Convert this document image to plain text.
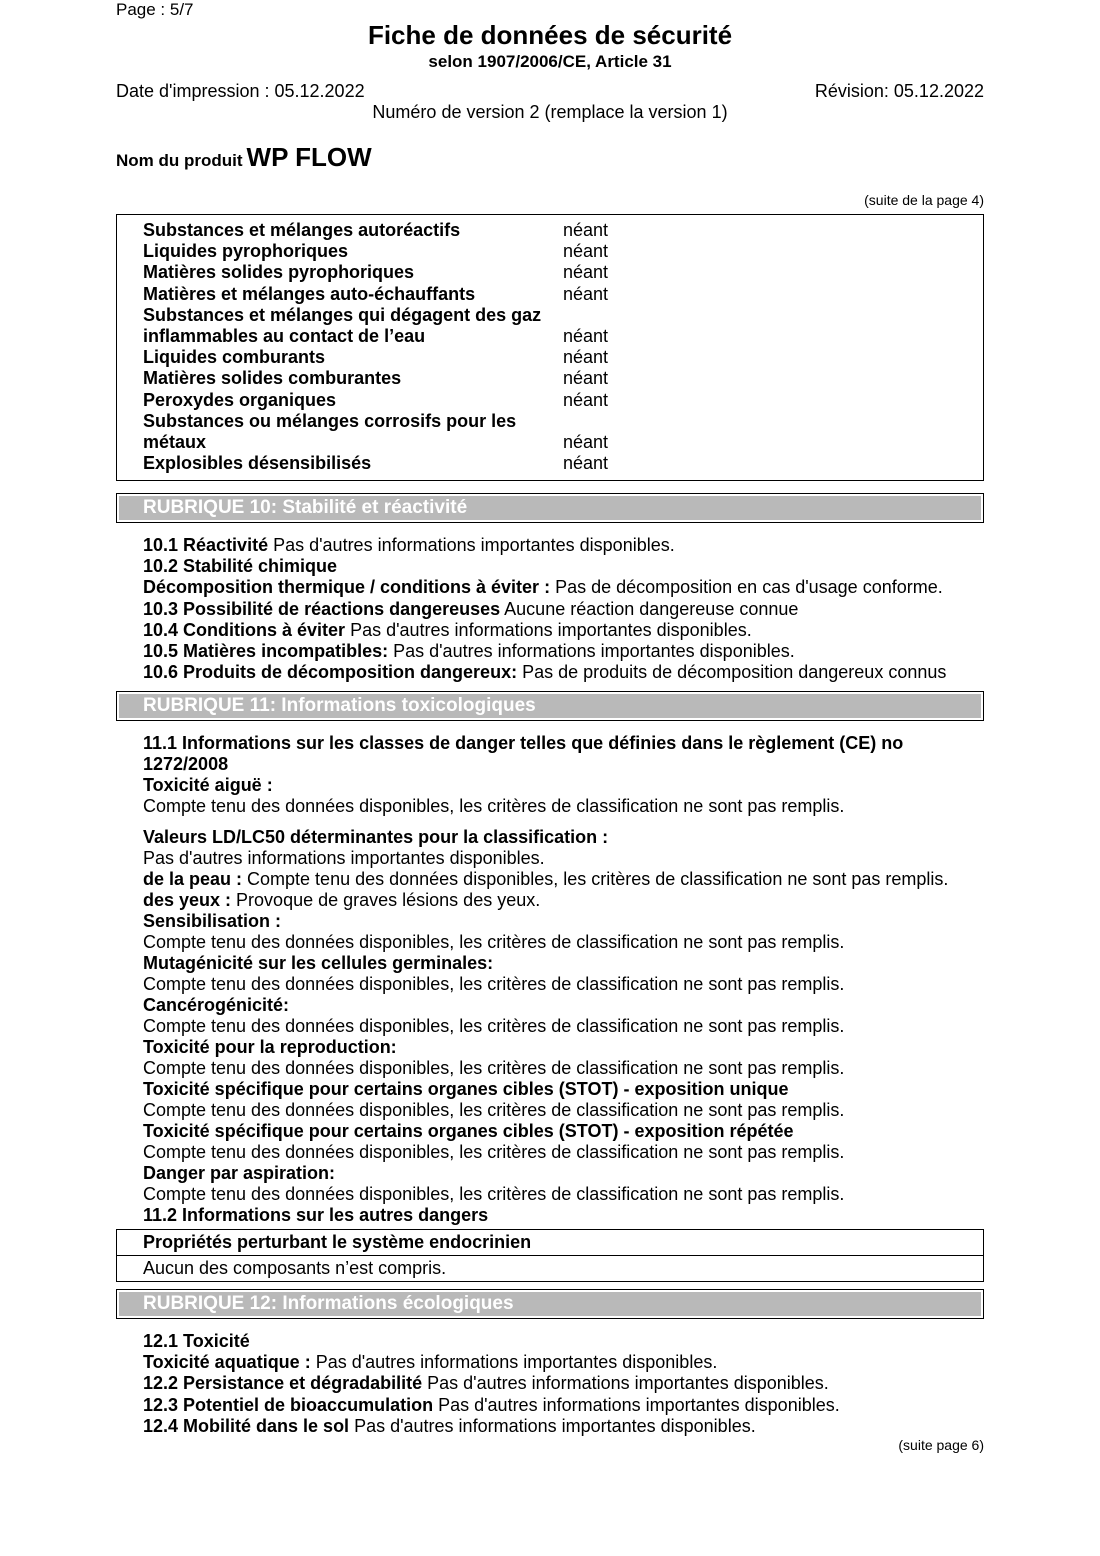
Page : 5/7
Fiche de données de sécurité
selon 1907/2006/CE, Article 31
Date d'impression : 05.12.2022	Révision: 05.12.2022
Numéro de version 2 (remplace la version 1)
Nom du produit WP FLOW
(suite de la page 4)
Substances et mélanges autoréactifs	néant
Liquides pyrophoriques	néant
Matières solides pyrophoriques	néant
Matières et mélanges auto-échauffants	néant
Substances et mélanges qui dégagent des gaz
inflammables au contact de l’eau	néant
Liquides comburants	néant
Matières solides comburantes	néant
Peroxydes organiques	néant
Substances ou mélanges corrosifs pour les
métaux	néant
Explosibles désensibilisés	néant
RUBRIQUE 10: Stabilité et réactivité
10.1 Réactivité Pas d'autres informations importantes disponibles.
10.2 Stabilité chimique
Décomposition thermique / conditions à éviter : Pas de décomposition en cas d'usage conforme.
10.3 Possibilité de réactions dangereuses Aucune réaction dangereuse connue
10.4 Conditions à éviter Pas d'autres informations importantes disponibles.
10.5 Matières incompatibles: Pas d'autres informations importantes disponibles.
10.6 Produits de décomposition dangereux: Pas de produits de décomposition dangereux connus
RUBRIQUE 11: Informations toxicologiques
11.1 Informations sur les classes de danger telles que définies dans le règlement (CE) no
1272/2008
Toxicité aiguë :
Compte tenu des données disponibles, les critères de classification ne sont pas remplis.
Valeurs LD/LC50 déterminantes pour la classification :
Pas d'autres informations importantes disponibles.
de la peau : Compte tenu des données disponibles, les critères de classification ne sont pas remplis.
des yeux : Provoque de graves lésions des yeux.
Sensibilisation :
Compte tenu des données disponibles, les critères de classification ne sont pas remplis.
Mutagénicité sur les cellules germinales:
Compte tenu des données disponibles, les critères de classification ne sont pas remplis.
Cancérogénicité:
Compte tenu des données disponibles, les critères de classification ne sont pas remplis.
Toxicité pour la reproduction:
Compte tenu des données disponibles, les critères de classification ne sont pas remplis.
Toxicité spécifique pour certains organes cibles (STOT) - exposition unique
Compte tenu des données disponibles, les critères de classification ne sont pas remplis.
Toxicité spécifique pour certains organes cibles (STOT) - exposition répétée
Compte tenu des données disponibles, les critères de classification ne sont pas remplis.
Danger par aspiration:
Compte tenu des données disponibles, les critères de classification ne sont pas remplis.
11.2 Informations sur les autres dangers
Propriétés perturbant le système endocrinien
Aucun des composants n’est compris.
RUBRIQUE 12: Informations écologiques
12.1 Toxicité
Toxicité aquatique : Pas d'autres informations importantes disponibles.
12.2 Persistance et dégradabilité Pas d'autres informations importantes disponibles.
12.3 Potentiel de bioaccumulation Pas d'autres informations importantes disponibles.
12.4 Mobilité dans le sol Pas d'autres informations importantes disponibles.
(suite page 6)
